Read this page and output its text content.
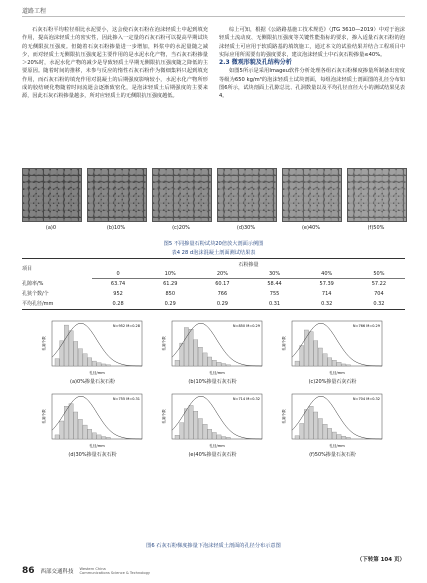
道路工程

石灰石粉平均粒径相比水泥要小，这会使石灰石粉在泡沫轻质土中起到填充作用，提高泡沫轻质土的密实性，因此掺入一定量的石灰石粉可以提高早期试块的无侧限抗压强度。但随着石灰石粉掺量进一步增加，料浆中的水泥量随之减少，而对轻质土无侧限抗压强度起主要作用的是水泥水化产物，当石灰石粉掺量＞20%时，水泥水化产物的减少是导致轻质土早期无侧限抗压强度随之降低的主要原因。随着时间的推移，未参与反应的惰性石灰石粉作为微细集料只起到填充作用，而石灰石粉的填充作用对混凝土的后期强度影响较小，水泥水化产物所形成的胶结硬化物随着时间流逝会逐渐致密化，是泡沫轻质土后期强度的主要来源，因此石灰石粉掺量越多，所对应轻质土的无侧限抗压强度越低。

综上可知，根据《公路路基施工技术规范》（JTG 3610—2019）中对于泡沫轻质土流动度、无侧限抗压强度等关键性能指标的要求，掺入适量石灰石粉的泡沫轻质土可应用于软质路基的填筑施工，通过本文的试验结果并结合工程项目中实际应用所需要有的强度要求，建议泡沫轻质土中石灰石粉掺量≤40%。

2.3 微观形貌及孔结构分析

如图5所示是采用Imageu软件分析处理各组石灰石粉梯度掺量所制备出密度等级为650 kg/m³的泡沫轻质土试块剖面，每组泡沫轻质土剖面图的孔径分布如图6所示，试块剖面上孔隙总比、孔洞数量以及平均孔径直径大小的测试结果见表4。

(a)0	(b)10%	(c)20%	(d)30%	(e)40%	(f)50%
图5 不同掺量石粉试块20倍放大剖面示例图
表4 28 d泡沫混凝土剖面测试结果表
项目	石粉掺量					
	0	10%	20%	30%	40%	50%
孔隙率/%	63.74	61.29	60.17	58.44	57.39	57.22
孔狭个数/个	952	850	766	755	714	704
平均孔径/mm	0.28	0.29	0.29	0.31	0.32	0.32
N=952 M=0.28
孔径/mm
孔洞个数
(a)0%掺量石灰石粉
N=850 M=0.29
孔径/mm
孔洞个数
(b)10%掺量石灰石粉
N=766 M=0.29
孔径/mm
孔洞个数
(c)20%掺量石灰石粉
N=755 M=0.31
孔径/mm
孔洞个数
(d)30%掺量石灰石粉
N=714 M=0.32
孔径/mm
孔洞个数
(e)40%掺量石灰石粉
N=704 M=0.32
孔径/mm
孔洞个数
(f)50%掺量石灰石粉
图6 石灰石粉梯度掺量下泡沫轻质土剖面的孔径分布示意图
（下转第 104 页）
86 西部交通科技 Western China
Communications Science & Technology
